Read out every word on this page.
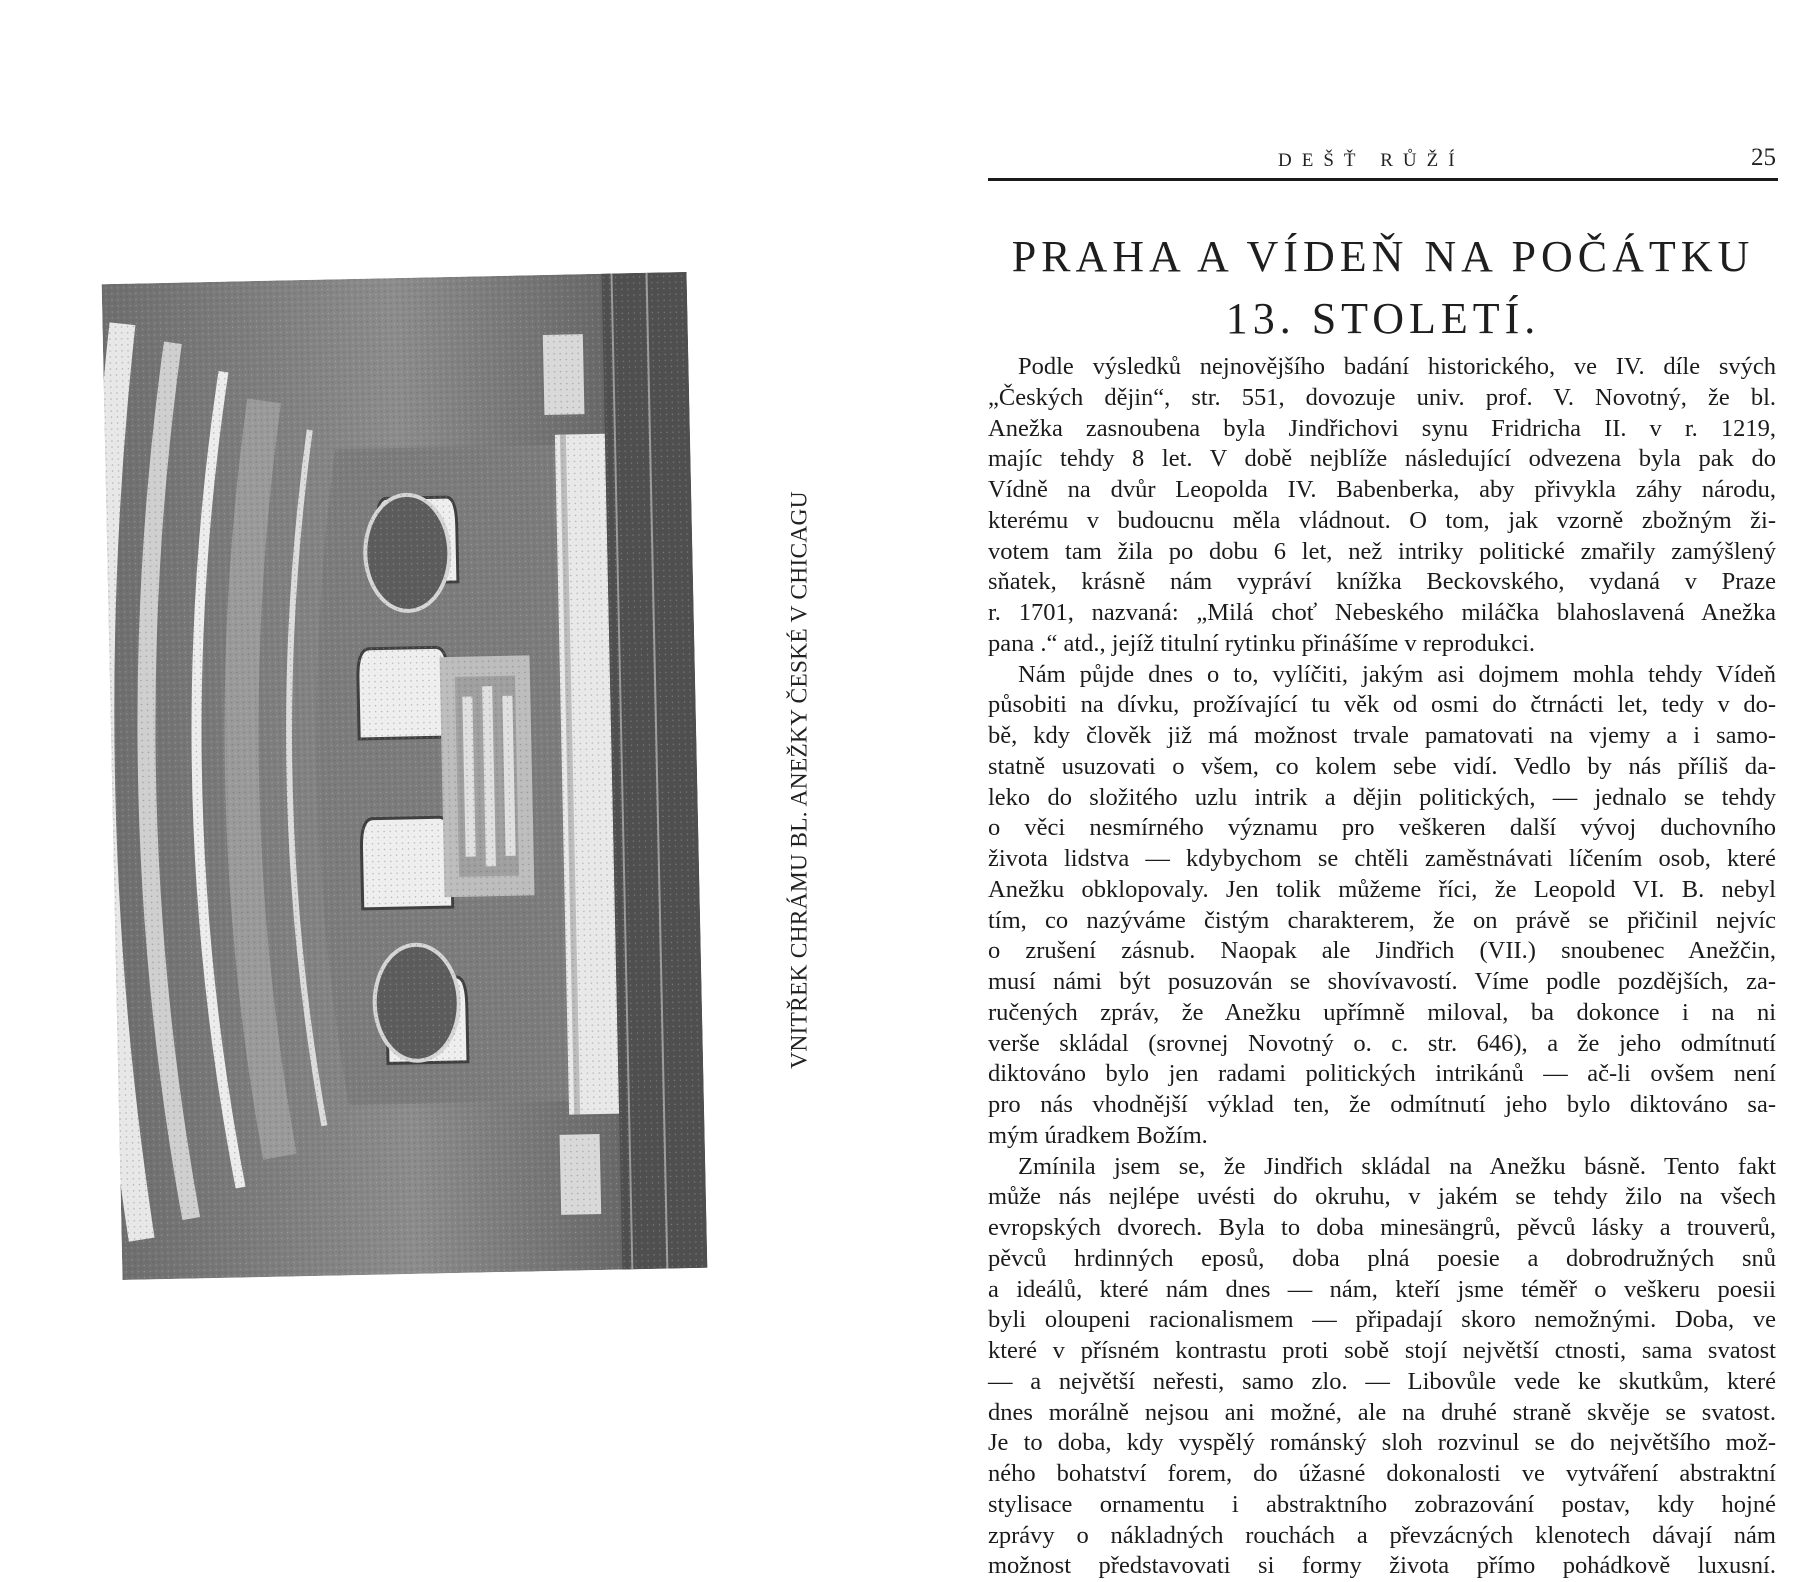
VNITŘEK CHRÁMU BL. ANEŽKY ČESKÉ V CHICAGU
DEŠŤ RŮŽÍ	25
PRAHA A VÍDEŇ NA POČÁTKU
13. STOLETÍ.
Podle výsledků nejnovějšího badání historického, ve IV. díle svých
„Českých dějin“, str. 551, dovozuje univ. prof. V. Novotný, že bl.
Anežka zasnoubena byla Jindřichovi synu Fridricha II. v r. 1219,
majíc tehdy 8 let. V době nejblíže následující odvezena byla pak do
Vídně na dvůr Leopolda IV. Babenberka, aby přivykla záhy národu,
kterému v budoucnu měla vládnout. O tom, jak vzorně zbožným ži-
votem tam žila po dobu 6 let, než intriky politické zmařily zamýšlený
sňatek, krásně nám vypráví knížka Beckovského, vydaná v Praze
r. 1701, nazvaná: „Milá choť Nebeského miláčka blahoslavená Anežka
pana .“ atd., jejíž titulní rytinku přinášíme v reprodukci.
Nám půjde dnes o to, vylíčiti, jakým asi dojmem mohla tehdy Vídeň
působiti na dívku, prožívající tu věk od osmi do čtrnácti let, tedy v do-
bě, kdy člověk již má možnost trvale pamatovati na vjemy a i samo-
statně usuzovati o všem, co kolem sebe vidí. Vedlo by nás příliš da-
leko do složitého uzlu intrik a dějin politických, — jednalo se tehdy
o věci nesmírného významu pro veškeren další vývoj duchovního
života lidstva — kdybychom se chtěli zaměstnávati líčením osob, které
Anežku obklopovaly. Jen tolik můžeme říci, že Leopold VI. B. nebyl
tím, co nazýváme čistým charakterem, že on právě se přičinil nejvíc
o zrušení zásnub. Naopak ale Jindřich (VII.) snoubenec Anežčin,
musí námi být posuzován se shovívavostí. Víme podle pozdějších, za-
ručených zpráv, že Anežku upřímně miloval, ba dokonce i na ni
verše skládal (srovnej Novotný o. c. str. 646), a že jeho odmítnutí
diktováno bylo jen radami politických intrikánů — ač-li ovšem není
pro nás vhodnější výklad ten, že odmítnutí jeho bylo diktováno sa-
mým úradkem Božím.
Zmínila jsem se, že Jindřich skládal na Anežku básně. Tento fakt
může nás nejlépe uvésti do okruhu, v jakém se tehdy žilo na všech
evropských dvorech. Byla to doba minesängrů, pěvců lásky a trouverů,
pěvců hrdinných eposů, doba plná poesie a dobrodružných snů
a ideálů, které nám dnes — nám, kteří jsme téměř o veškeru poesii
byli oloupeni racionalismem — připadají skoro nemožnými. Doba, ve
které v přísném kontrastu proti sobě stojí největší ctnosti, sama svatost
— a největší neřesti, samo zlo. — Libovůle vede ke skutkům, které
dnes morálně nejsou ani možné, ale na druhé straně skvěje se svatost.
Je to doba, kdy vyspělý románský sloh rozvinul se do největšího mož-
ného bohatství forem, do úžasné dokonalosti ve vytváření abstraktní
stylisace ornamentu i abstraktního zobrazování postav, kdy hojné
zprávy o nákladných rouchách a převzácných klenotech dávají nám
možnost představovati si formy života přímo pohádkově luxusní.
